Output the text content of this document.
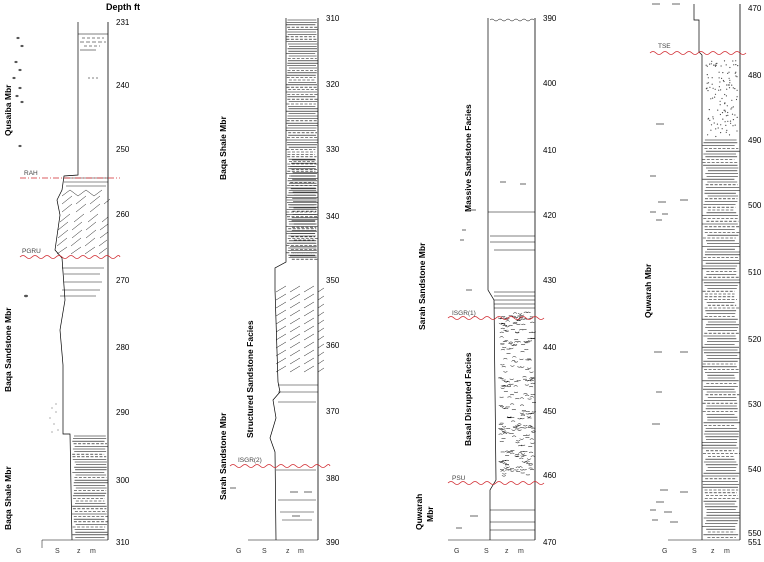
Depth ft
231
240
250
260
270
280
290
300
310
G	S z m
Qusaiba Mbr
Baqa Sandstone Mbr
Baqa Shale Mbr
RAH
PGRU
310
320
330
340
350
360
370
380
390
G	S	z m
Baqa Shale Mbr
Structured Sandstone Facies
Sarah Sandstone Mbr ISGR(2)
390
400
410
420
430
440
450
460
470
G	S z m
Massive Sandstone Facies
Sarah Sandstone Mbr
Basal Disrupted Facies
Quwarah Mbr
ISGR(1)
PSU
470
480
490
500
510
520
530
540
550
551
G	S z m
Quwarah Mbr
TSE
